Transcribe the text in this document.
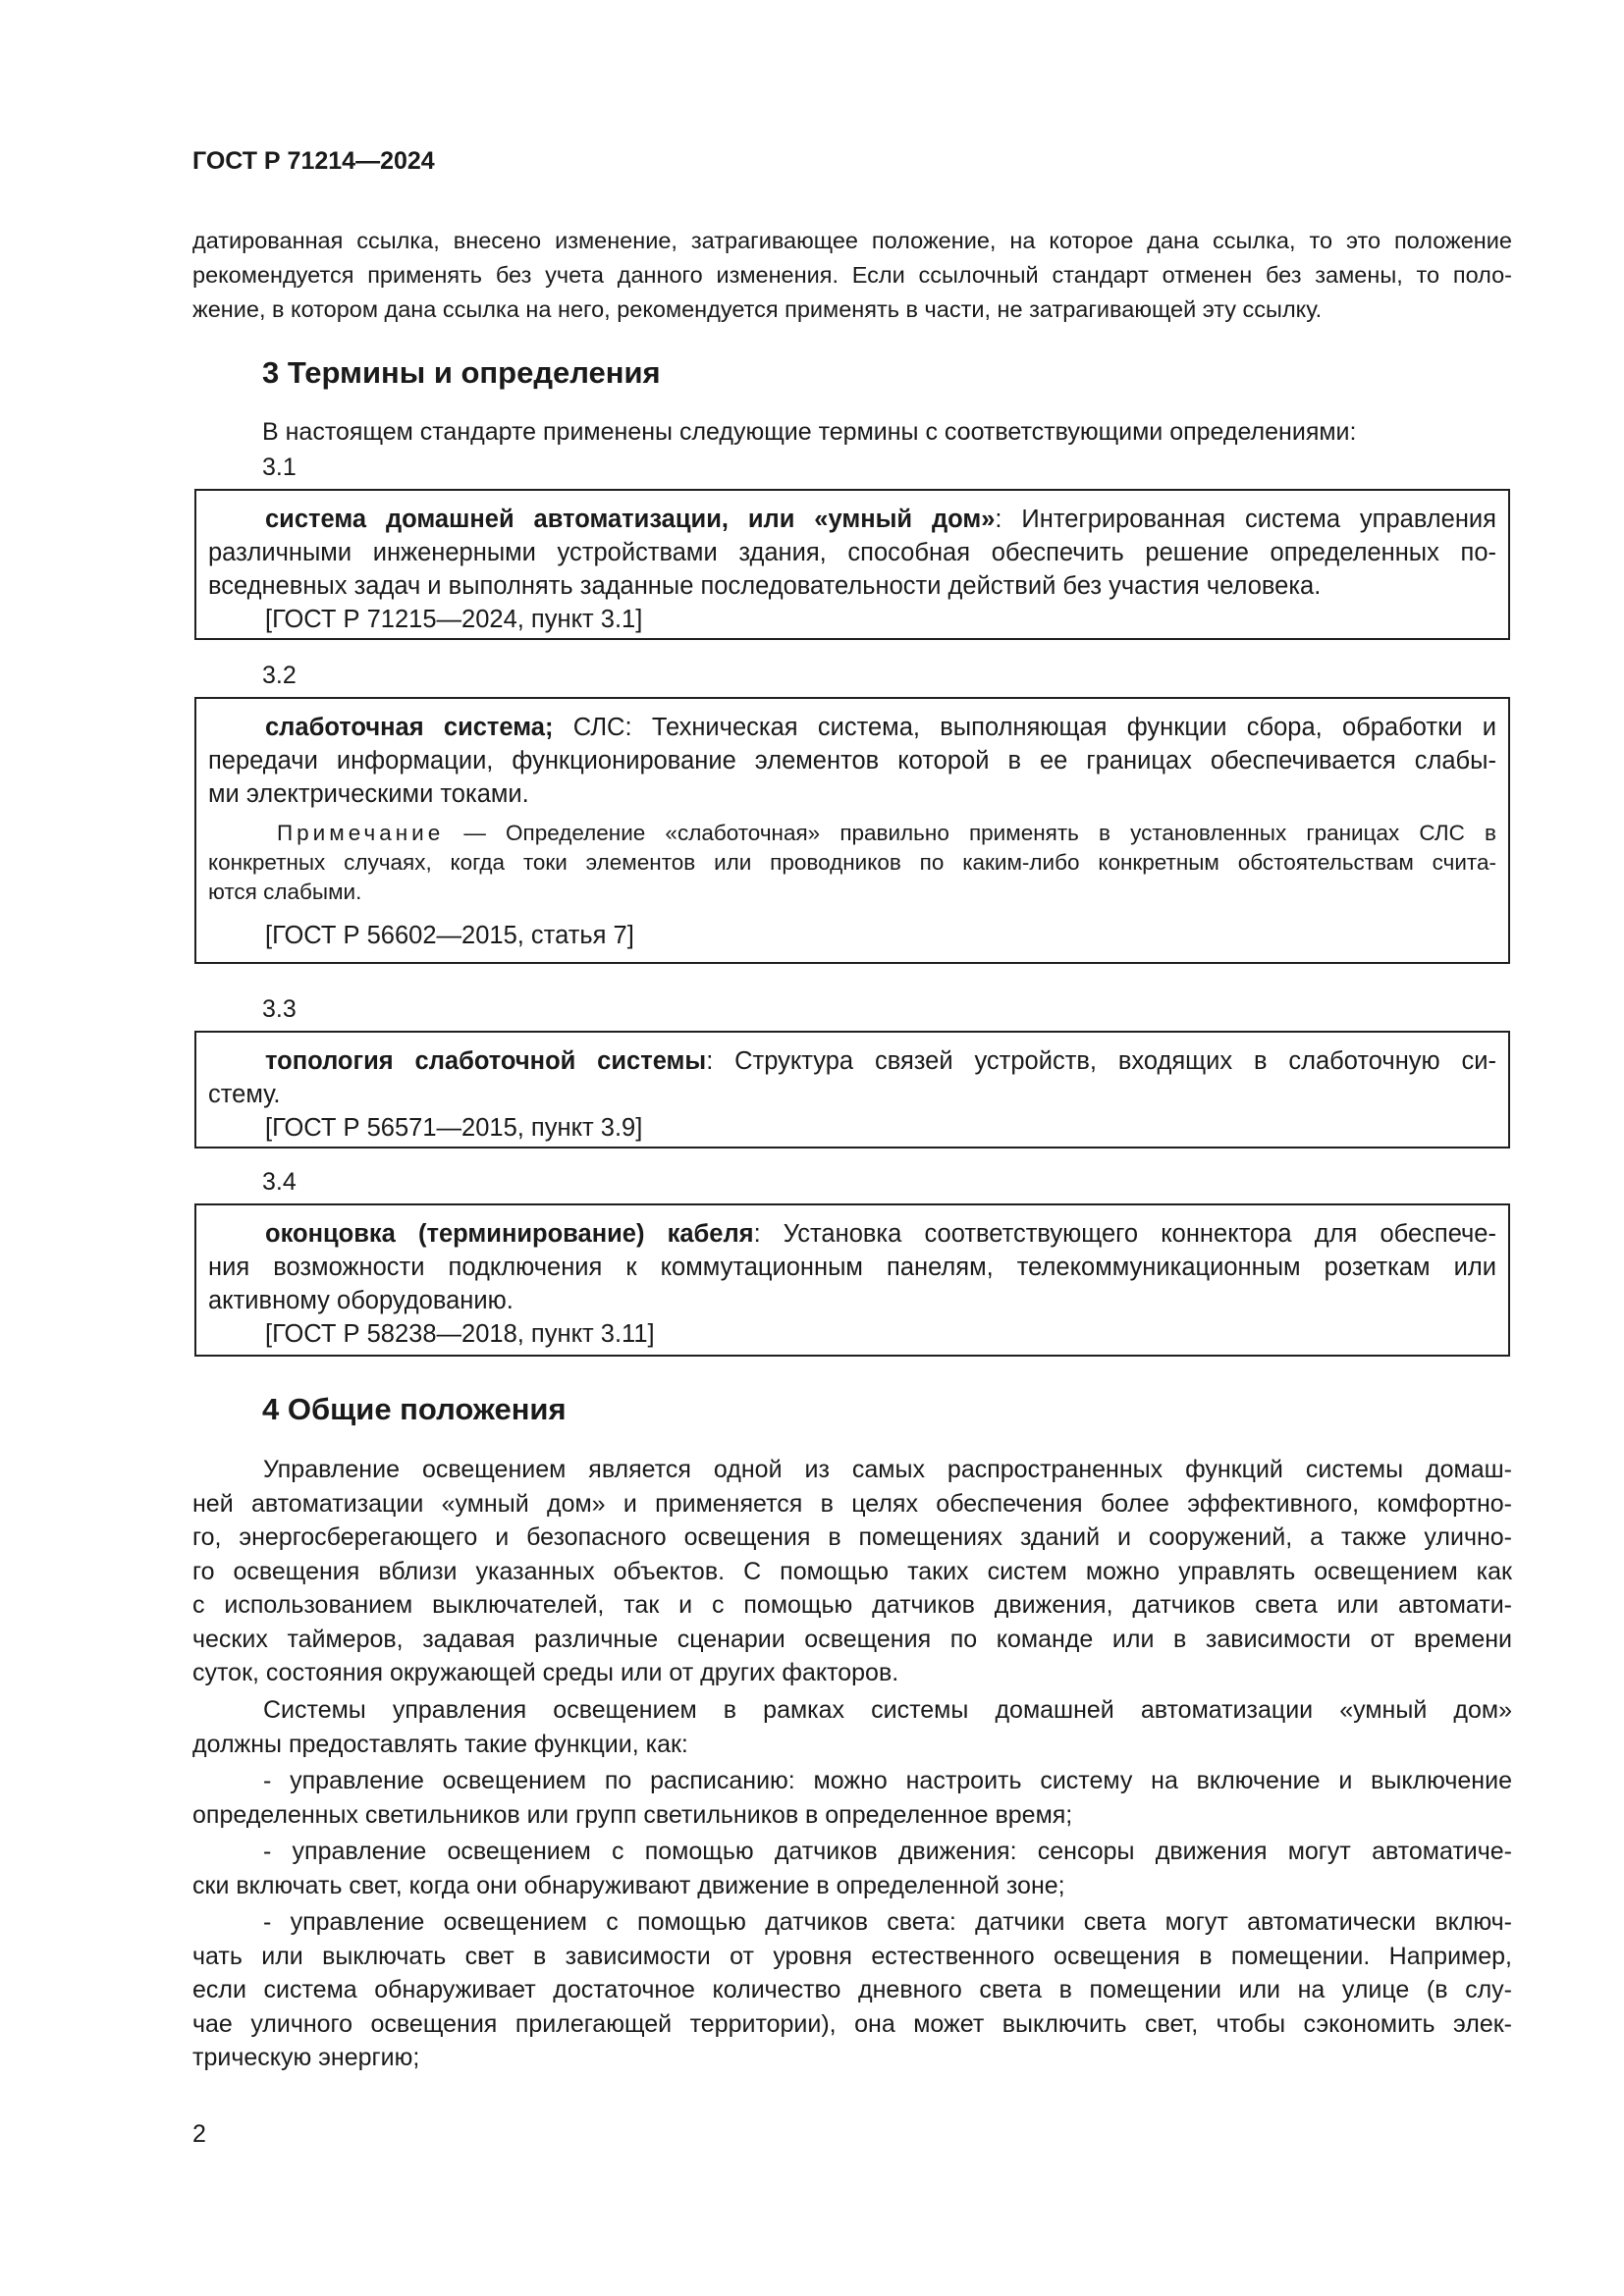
ГОСТ Р 71214—2024
датированная ссылка, внесено изменение, затрагивающее положение, на которое дана ссылка, то это положение
рекомендуется применять без учета данного изменения. Если ссылочный стандарт отменен без замены, то поло-
жение, в котором дана ссылка на него, рекомендуется применять в части, не затрагивающей эту ссылку.
3 Термины и определения
В настоящем стандарте применены следующие термины с соответствующими определениями:
3.1
система домашней автоматизации, или «умный дом»: Интегрированная система управления
различными инженерными устройствами здания, способная обеспечить решение определенных по-
вседневных задач и выполнять заданные последовательности действий без участия человека.
[ГОСТ Р 71215—2024, пункт 3.1]
3.2
слаботочная система; СЛС: Техническая система, выполняющая функции сбора, обработки и
передачи информации, функционирование элементов которой в ее границах обеспечивается слабы-
ми электрическими токами.
Примечание — Определение «слаботочная» правильно применять в установленных границах СЛС в
конкретных случаях, когда токи элементов или проводников по каким-либо конкретным обстоятельствам счита-
ются слабыми.
[ГОСТ Р 56602—2015, статья 7]
3.3
топология слаботочной системы: Структура связей устройств, входящих в слаботочную си-
стему.
[ГОСТ Р 56571—2015, пункт 3.9]
3.4
оконцовка (терминирование) кабеля: Установка соответствующего коннектора для обеспече-
ния возможности подключения к коммутационным панелям, телекоммуникационным розеткам или
активному оборудованию.
[ГОСТ Р 58238—2018, пункт 3.11]
4 Общие положения
Управление освещением является одной из самых распространенных функций системы домаш-
ней автоматизации «умный дом» и применяется в целях обеспечения более эффективного, комфортно-
го, энергосберегающего и безопасного освещения в помещениях зданий и сооружений, а также улично-
го освещения вблизи указанных объектов. С помощью таких систем можно управлять освещением как
с использованием выключателей, так и с помощью датчиков движения, датчиков света или автомати-
ческих таймеров, задавая различные сценарии освещения по команде или в зависимости от времени
суток, состояния окружающей среды или от других факторов.
Системы управления освещением в рамках системы домашней автоматизации «умный дом»
должны предоставлять такие функции, как:
- управление освещением по расписанию: можно настроить систему на включение и выключение
определенных светильников или групп светильников в определенное время;
- управление освещением с помощью датчиков движения: сенсоры движения могут автоматиче-
ски включать свет, когда они обнаруживают движение в определенной зоне;
- управление освещением с помощью датчиков света: датчики света могут автоматически включ-
чать или выключать свет в зависимости от уровня естественного освещения в помещении. Например,
если система обнаруживает достаточное количество дневного света в помещении или на улице (в слу-
чае уличного освещения прилегающей территории), она может выключить свет, чтобы сэкономить элек-
трическую энергию;
2
